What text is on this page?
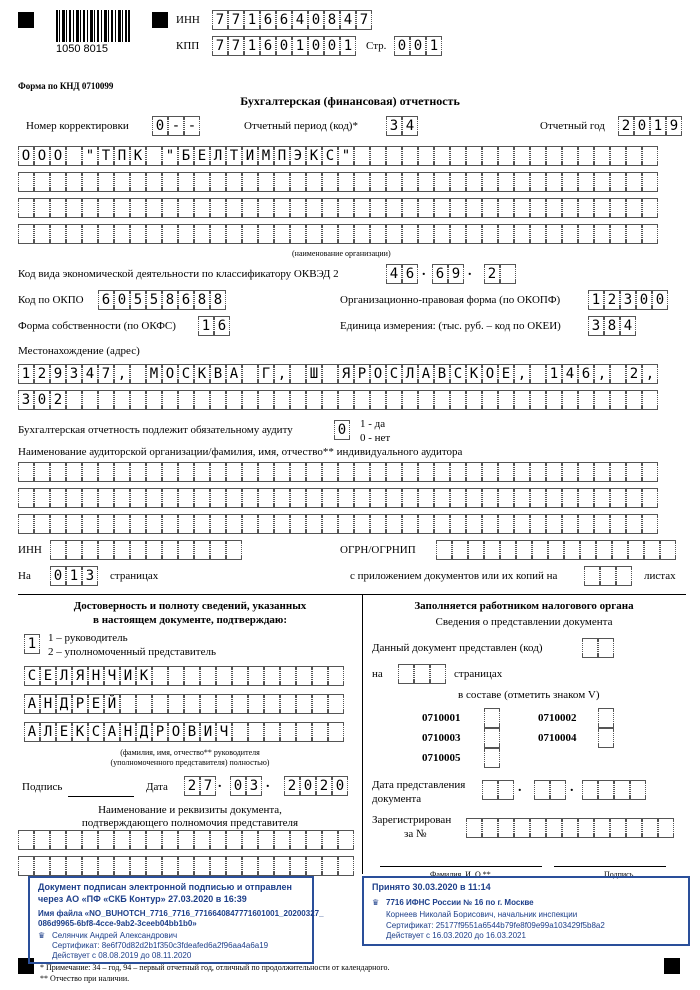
1050 8015
ИНН 7 7 1 6 6 4 0 8 4 7
КПП 7 7 1 6 0 1 0 0 1 Стр. 0 0 1
Форма по КНД 0710099
Бухгалтерская (финансовая) отчетность
Номер корректировки 0 - -	Отчетный период (код)* 3 4	Отчетный год 2 0 1 9
О О О " Т П К " Б Е Л Т И М П Э К С "
(наименование организации)
Код вида экономической деятельности по классификатору ОКВЭД 2	4 6 . 6 9 . 2
Код по ОКПО 6 0 5 5 8 6 8 8	Организационно-правовая форма (по ОКОПФ) 1 2 3 0 0
Форма собственности (по ОКФС) 1 6	Единица измерения: (тыс. руб. – код по ОКЕИ) 3 8 4
Местонахождение (адрес)
1 2 9 3 4 7 , М О С К В А Г , Ш Я Р О С Л А В С К О Е , 1 4 6 , 2 ,
3 0 2
Бухгалтерская отчетность подлежит обязательному аудиту	0 1 - да
0 - нет
Наименование аудиторской организации/фамилия, имя, отчество** индивидуального аудитора
ИНН	ОГРН/ОГРНИП
На 0 1 3 страницах	с приложением документов или их копий на	листах
Достоверность и полноту сведений, указанных
в настоящем документе, подтверждаю:
1 1 – руководитель
2 – уполномоченный представитель
С Е Л Я Н Ч И К
А Н Д Р Е Й
А Л Е К С А Н Д Р О В И Ч
(фамилия, имя, отчество** руководителя
(уполномоченного представителя) полностью)
Подпись	Дата 2 7 . 0 3 . 2 0 2 0
Наименование и реквизиты документа,
подтверждающего полномочия представителя
Заполняется работником налогового органа
Сведения о представлении документа
Данный документ представлен (код)
на	страницах
в составе (отметить знаком V)
0710001	0710002
0710003	0710004
0710005
Дата представления
документа
.	.
Зарегистрирован
за №
Фамилия, И. О.**	Подпись
Документ подписан электронной подписью и отправлен
через АО «ПФ «СКБ Контур» 27.03.2020 в 16:39
Имя файла «NO_BUHOTCH_7716_7716_7716640847771601001_20200327_
086d9965-6bf8-4cce-9ab2-3ceeb04bb1b0»
♛ Селянчик Андрей Александрович
Сертификат: 8e6f70d82d2b1f350c3fdeafed6a2f96aa4a6a19
Действует с 08.08.2019 до 08.11.2020
Принято 30.03.2020 в 11:14
♛ 7716 ИФНС России № 16 по г. Москве
Корнеев Николай Борисович, начальник инспекции
Сертификат: 25177f9551a6544b79fe8f09e99a103429f5b8a2
Действует с 16.03.2020 до 16.03.2021
* Примечание: 34 – год, 94 – первый отчетный год, отличный по продолжительности от календарного.
** Отчество при наличии.
